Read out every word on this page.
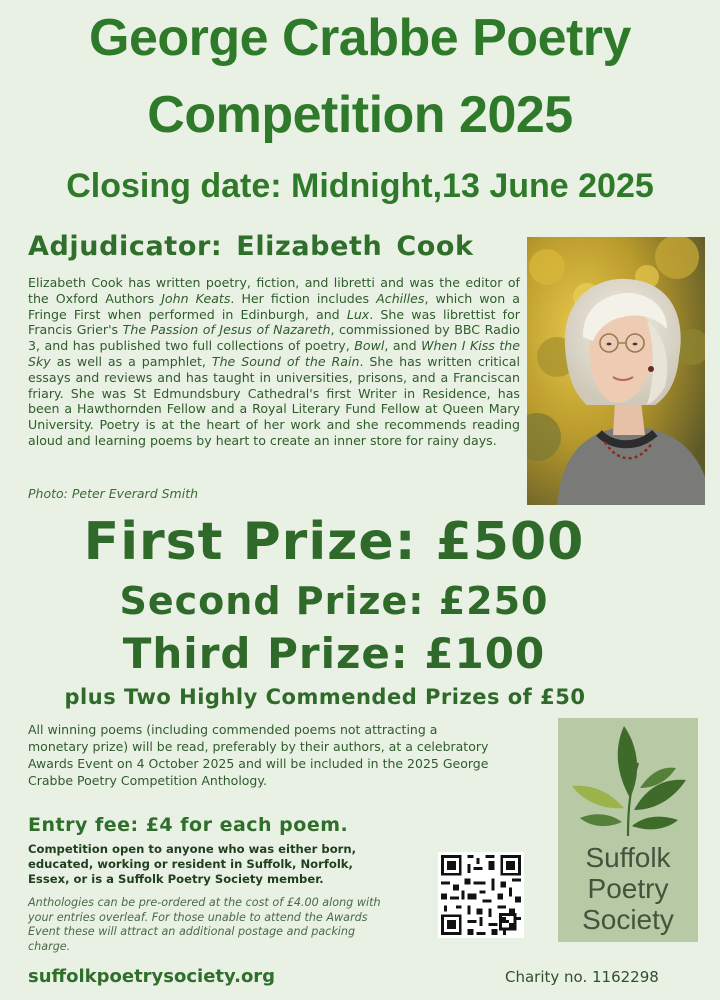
George Crabbe Poetry
Competition 2025
Closing date: Midnight,13 June 2025
Adjudicator: Elizabeth Cook

Elizabeth Cook has written poetry, fiction, and libretti and was the editor of the Oxford Authors John Keats. Her fiction includes Achilles, which won a Fringe First when performed in Edinburgh, and Lux. She was librettist for Francis Grier's The Passion of Jesus of Nazareth, commissioned by BBC Radio 3, and has published two full collections of poetry, Bowl, and When I Kiss the Sky as well as a pamphlet, The Sound of the Rain. She has written critical essays and reviews and has taught in universities, prisons, and a Franciscan friary. She was St Edmundsbury Cathedral's first Writer in Residence, has been a Hawthornden Fellow and a Royal Literary Fund Fellow at Queen Mary University. Poetry is at the heart of her work and she recommends reading aloud and learning poems by heart to create an inner store for rainy days.

Photo: Peter Everard Smith
First Prize: £500
Second Prize: £250
Third Prize: £100
plus Two Highly Commended Prizes of £50

All winning poems (including commended poems not attracting a monetary prize) will be read, preferably by their authors, at a celebratory Awards Event on 4 October 2025 and will be included in the 2025 George Crabbe Poetry Competition Anthology.

Entry fee: £4 for each poem.

Competition open to anyone who was either born, educated, working or resident in Suffolk, Norfolk, Essex, or is a Suffolk Poetry Society member.

Anthologies can be pre-ordered at the cost of £4.00 along with your entries overleaf. For those unable to attend the Awards Event these will attract an additional postage and packing charge.

Suffolk
Poetry
Society
suffolkpoetrysociety.org	Charity no. 1162298
